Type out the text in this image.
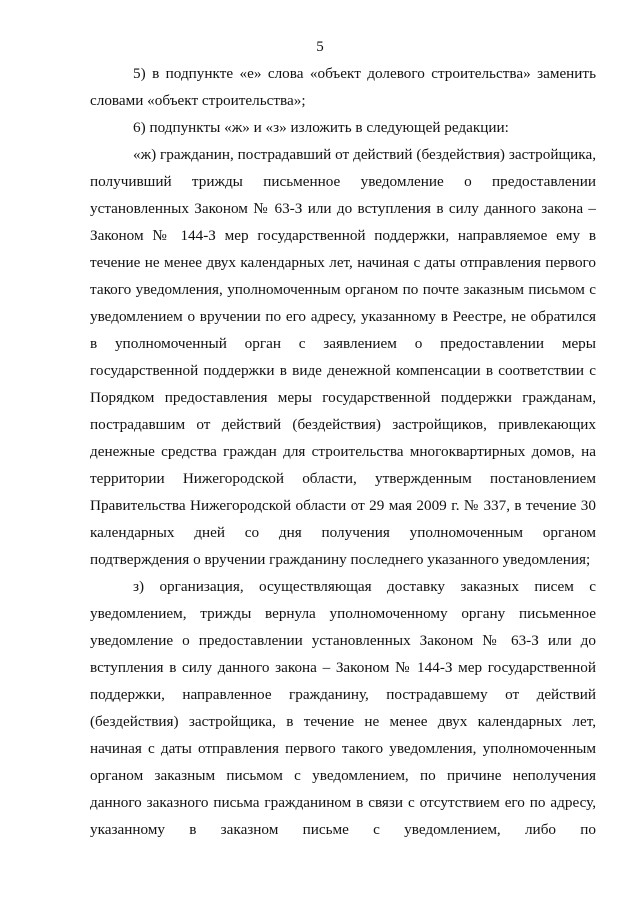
5

5) в подпункте «е» слова «объект долевого строительства» заменить словами «объект строительства»;

6) подпункты «ж» и «з» изложить в следующей редакции:

«ж) гражданин, пострадавший от действий (бездействия) застройщика, получивший трижды письменное уведомление о предоставлении установленных Законом № 63-З или до вступления в силу данного закона – Законом № 144-З мер государственной поддержки, направляемое ему в течение не менее двух календарных лет, начиная с даты отправления первого такого уведомления, уполномоченным органом по почте заказным письмом с уведомлением о вручении по его адресу, указанному в Реестре, не обратился в уполномоченный орган с заявлением о предоставлении меры государственной поддержки в виде денежной компенсации в соответствии с Порядком предоставления меры государственной поддержки гражданам, пострадавшим от действий (бездействия) застройщиков, привлекающих денежные средства граждан для строительства многоквартирных домов, на территории Нижегородской области, утвержденным постановлением Правительства Нижегородской области от 29 мая 2009 г. № 337, в течение 30 календарных дней со дня получения уполномоченным органом подтверждения о вручении гражданину последнего указанного уведомления;

з) организация, осуществляющая доставку заказных писем с уведомлением, трижды вернула уполномоченному органу письменное уведомление о предоставлении установленных Законом № 63-З или до вступления в силу данного закона – Законом № 144-З мер государственной поддержки, направленное гражданину, пострадавшему от действий (бездействия) застройщика, в течение не менее двух календарных лет, начиная с даты отправления первого такого уведомления, уполномоченным органом заказным письмом с уведомлением, по причине неполучения данного заказного письма гражданином в связи с отсутствием его по адресу, указанному в заказном письме с уведомлением, либо по
